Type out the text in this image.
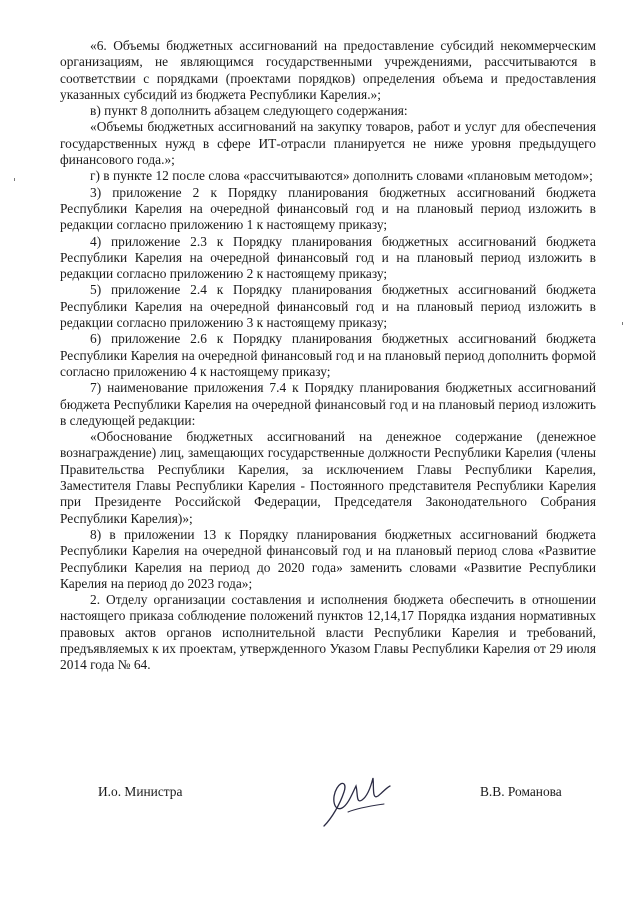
«6. Объемы бюджетных ассигнований на предоставление субсидий некоммерческим организациям, не являющимся государственными учреждениями, рассчитываются в соответствии с порядками (проектами порядков) определения объема и предоставления указанных субсидий из бюджета Республики Карелия.»;

в) пункт 8 дополнить абзацем следующего содержания:

«Объемы бюджетных ассигнований на закупку товаров, работ и услуг для обеспечения государственных нужд в сфере ИТ-отрасли планируется не ниже уровня предыдущего финансового года.»;

г) в пункте 12 после слова «рассчитываются» дополнить словами «плановым методом»;

3) приложение 2 к Порядку планирования бюджетных ассигнований бюджета Республики Карелия на очередной финансовый год и на плановый период изложить в редакции согласно приложению 1 к настоящему приказу;

4) приложение 2.3 к Порядку планирования бюджетных ассигнований бюджета Республики Карелия на очередной финансовый год и на плановый период изложить в редакции согласно приложению 2 к настоящему приказу;

5) приложение 2.4 к Порядку планирования бюджетных ассигнований бюджета Республики Карелия на очередной финансовый год и на плановый период изложить в редакции согласно приложению 3 к настоящему приказу;

6) приложение 2.6 к Порядку планирования бюджетных ассигнований бюджета Республики Карелия на очередной финансовый год и на плановый период дополнить формой согласно приложению 4 к настоящему приказу;

7) наименование приложения 7.4 к Порядку планирования бюджетных ассигнований бюджета Республики Карелия на очередной финансовый год и на плановый период изложить в следующей редакции:

«Обоснование бюджетных ассигнований на денежное содержание (денежное вознаграждение) лиц, замещающих государственные должности Республики Карелия (члены Правительства Республики Карелия, за исключением Главы Республики Карелия, Заместителя Главы Республики Карелия - Постоянного представителя Республики Карелия при Президенте Российской Федерации, Председателя Законодательного Собрания Республики Карелия)»;

8) в приложении 13 к Порядку планирования бюджетных ассигнований бюджета Республики Карелия на очередной финансовый год и на плановый период слова «Развитие Республики Карелия на период до 2020 года» заменить словами «Развитие Республики Карелия на период до 2023 года»;

2. Отделу организации составления и исполнения бюджета обеспечить в отношении настоящего приказа соблюдение положений пунктов 12,14,17 Порядка издания нормативных правовых актов органов исполнительной власти Республики Карелия и требований, предъявляемых к их проектам, утвержденного Указом Главы Республики Карелия от 29 июля 2014 года № 64.

И.о. Министра	В.В. Романова
